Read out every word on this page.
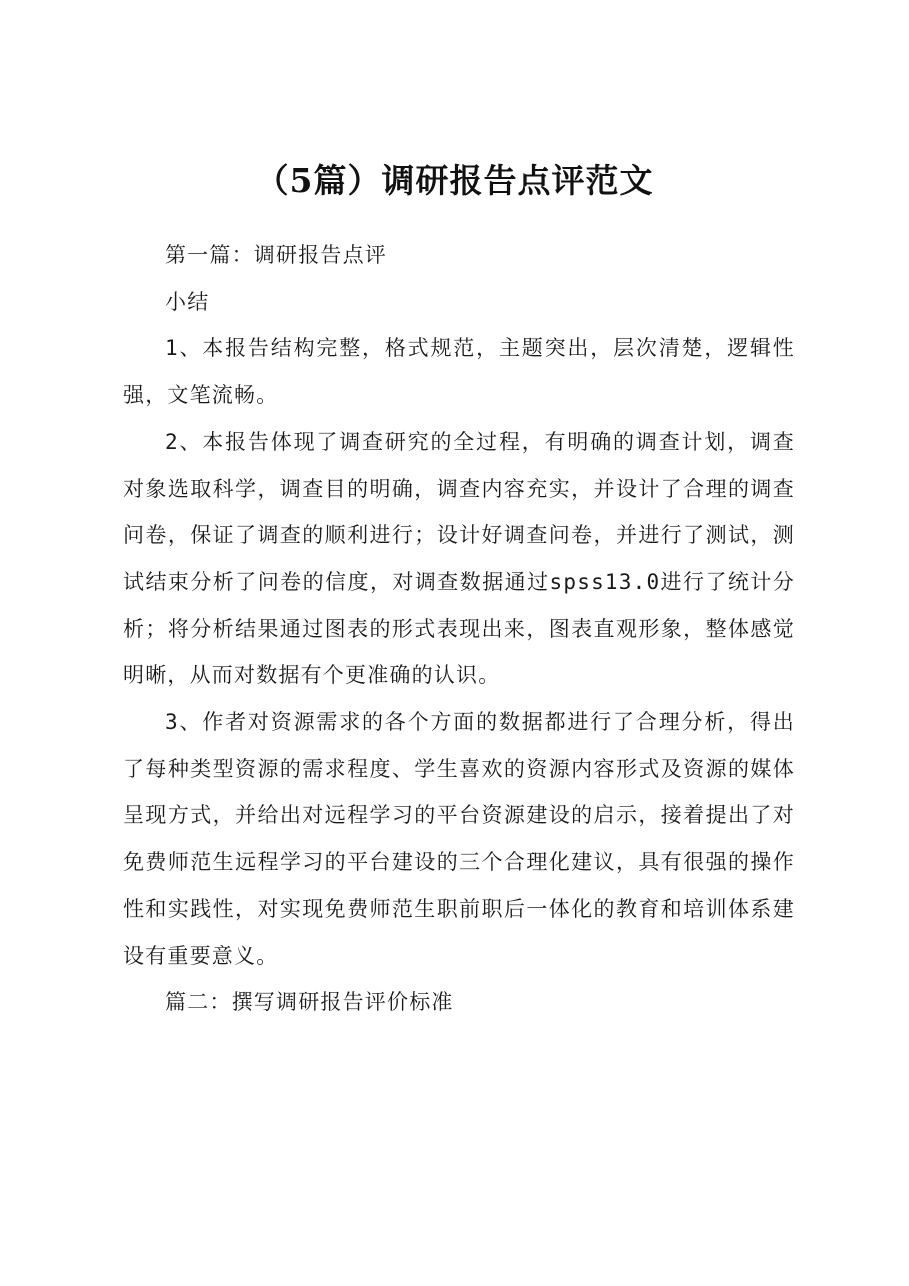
（5篇）调研报告点评范文

第一篇：调研报告点评

小结

1、本报告结构完整，格式规范，主题突出，层次清楚，逻辑性强，文笔流畅。

2、本报告体现了调查研究的全过程，有明确的调查计划，调查对象选取科学，调查目的明确，调查内容充实，并设计了合理的调查问卷，保证了调查的顺利进行；设计好调查问卷，并进行了测试，测试结束分析了问卷的信度，对调查数据通过spss13.0进行了统计分析；将分析结果通过图表的形式表现出来，图表直观形象，整体感觉明晰，从而对数据有个更准确的认识。

3、作者对资源需求的各个方面的数据都进行了合理分析，得出了每种类型资源的需求程度、学生喜欢的资源内容形式及资源的媒体呈现方式，并给出对远程学习的平台资源建设的启示，接着提出了对免费师范生远程学习的平台建设的三个合理化建议，具有很强的操作性和实践性，对实现免费师范生职前职后一体化的教育和培训体系建设有重要意义。

篇二：撰写调研报告评价标准
